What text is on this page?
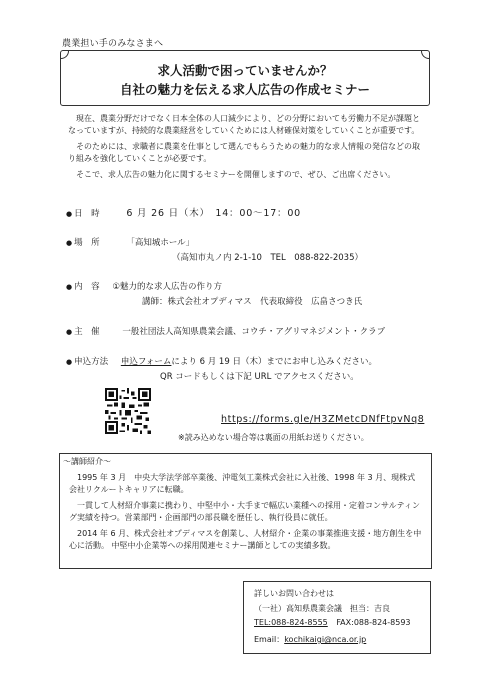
農業担い手のみなさまへ
求人活動で困っていませんか？
自社の魅力を伝える求人広告の作成セミナー
現在、農業分野だけでなく日本全体の人口減少により、どの分野においても労働力不足が課題となっていますが、持続的な農業経営をしていくためには人材確保対策をしていくことが重要です。
そのためには、求職者に農業を仕事として選んでもらうための魅力的な求人情報の発信などの取り組みを強化していくことが必要です。
そこで、求人広告の魅力化に関するセミナーを開催しますので、ぜひ、ご出席ください。
● 日　時	6 月 26 日（木）　14：00～17：00
● 場　所	「高知城ホール」
（高知市丸ノ内 2-1-10　TEL　088-822-2035）
● 内　容 ①魅力的な求人広告の作り方
講師：株式会社オプディマス　代表取締役　広畠さつき氏
● 主　催	一般社団法人高知県農業会議、コウチ・アグリマネジメント・クラブ
● 申込方法 申込フォームにより 6 月 19 日（木）までにお申し込みください。
QR コードもしくは下記 URL でアクセスください。
https://forms.gle/H3ZMetcDNfFtpvNq8
※読み込めない場合等は裏面の用紙お送りください。
～講師紹介～
1995 年 3 月　中央大学法学部卒業後、沖電気工業株式会社に入社後、1998 年 3 月、現株式会社リクルートキャリアに転職。
一貫して人材紹介事業に携わり、中堅中小・大手まで幅広い業種への採用・定着コンサルティング実績を持つ。営業部門・企画部門の部長職を歴任し、執行役員に就任。
2014 年 6 月、株式会社オプディマスを創業し、人材紹介・企業の事業推進支援・地方創生を中心に活動。 中堅中小企業等への採用関連セミナー講師としての実績多数。
詳しいお問い合わせは
（一社）高知県農業会議　担当：吉良
TEL:088-824-8555 FAX:088-824-8593
Email：kochikaigi@nca.or.jp
